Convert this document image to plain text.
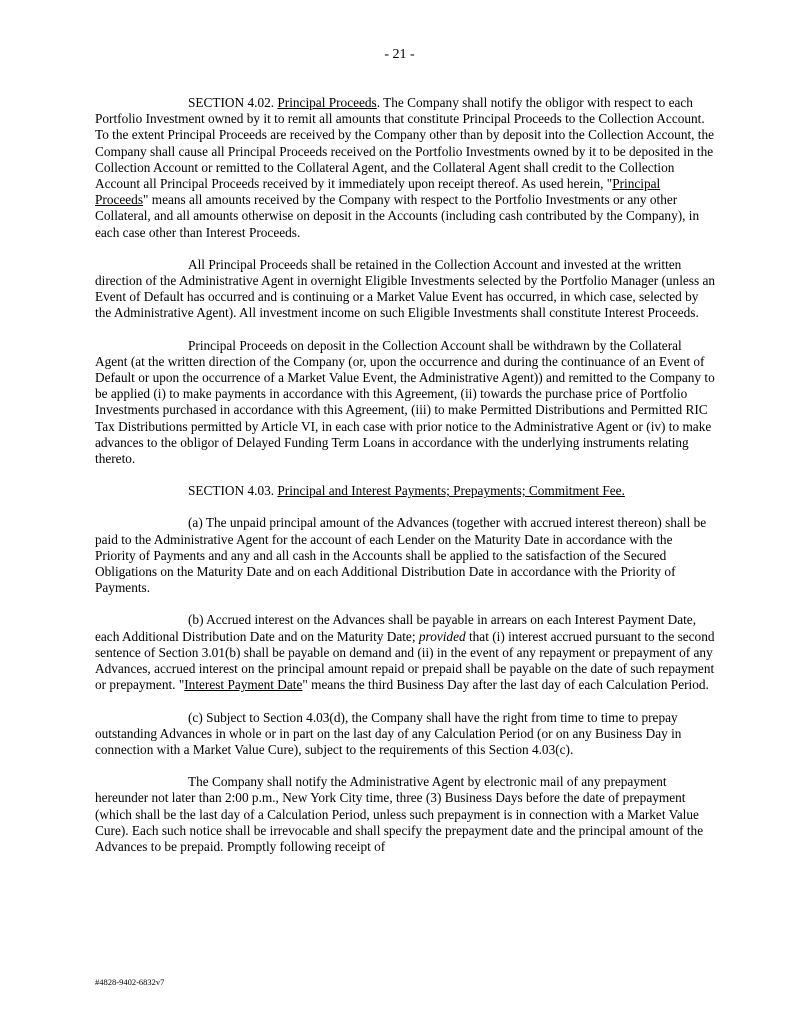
- 21 -

SECTION 4.02. Principal Proceeds. The Company shall notify the obligor with respect to each Portfolio Investment owned by it to remit all amounts that constitute Principal Proceeds to the Collection Account. To the extent Principal Proceeds are received by the Company other than by deposit into the Collection Account, the Company shall cause all Principal Proceeds received on the Portfolio Investments owned by it to be deposited in the Collection Account or remitted to the Collateral Agent, and the Collateral Agent shall credit to the Collection Account all Principal Proceeds received by it immediately upon receipt thereof. As used herein, "Principal Proceeds" means all amounts received by the Company with respect to the Portfolio Investments or any other Collateral, and all amounts otherwise on deposit in the Accounts (including cash contributed by the Company), in each case other than Interest Proceeds.

All Principal Proceeds shall be retained in the Collection Account and invested at the written direction of the Administrative Agent in overnight Eligible Investments selected by the Portfolio Manager (unless an Event of Default has occurred and is continuing or a Market Value Event has occurred, in which case, selected by the Administrative Agent). All investment income on such Eligible Investments shall constitute Interest Proceeds.

Principal Proceeds on deposit in the Collection Account shall be withdrawn by the Collateral Agent (at the written direction of the Company (or, upon the occurrence and during the continuance of an Event of Default or upon the occurrence of a Market Value Event, the Administrative Agent)) and remitted to the Company to be applied (i) to make payments in accordance with this Agreement, (ii) towards the purchase price of Portfolio Investments purchased in accordance with this Agreement, (iii) to make Permitted Distributions and Permitted RIC Tax Distributions permitted by Article VI, in each case with prior notice to the Administrative Agent or (iv) to make advances to the obligor of Delayed Funding Term Loans in accordance with the underlying instruments relating thereto.

SECTION 4.03. Principal and Interest Payments; Prepayments; Commitment Fee.

(a) The unpaid principal amount of the Advances (together with accrued interest thereon) shall be paid to the Administrative Agent for the account of each Lender on the Maturity Date in accordance with the Priority of Payments and any and all cash in the Accounts shall be applied to the satisfaction of the Secured Obligations on the Maturity Date and on each Additional Distribution Date in accordance with the Priority of Payments.

(b) Accrued interest on the Advances shall be payable in arrears on each Interest Payment Date, each Additional Distribution Date and on the Maturity Date; provided that (i) interest accrued pursuant to the second sentence of Section 3.01(b) shall be payable on demand and (ii) in the event of any repayment or prepayment of any Advances, accrued interest on the principal amount repaid or prepaid shall be payable on the date of such repayment or prepayment. "Interest Payment Date" means the third Business Day after the last day of each Calculation Period.

(c) Subject to Section 4.03(d), the Company shall have the right from time to time to prepay outstanding Advances in whole or in part on the last day of any Calculation Period (or on any Business Day in connection with a Market Value Cure), subject to the requirements of this Section 4.03(c).

The Company shall notify the Administrative Agent by electronic mail of any prepayment hereunder not later than 2:00 p.m., New York City time, three (3) Business Days before the date of prepayment (which shall be the last day of a Calculation Period, unless such prepayment is in connection with a Market Value Cure). Each such notice shall be irrevocable and shall specify the prepayment date and the principal amount of the Advances to be prepaid. Promptly following receipt of

#4828-9402-6832v7
